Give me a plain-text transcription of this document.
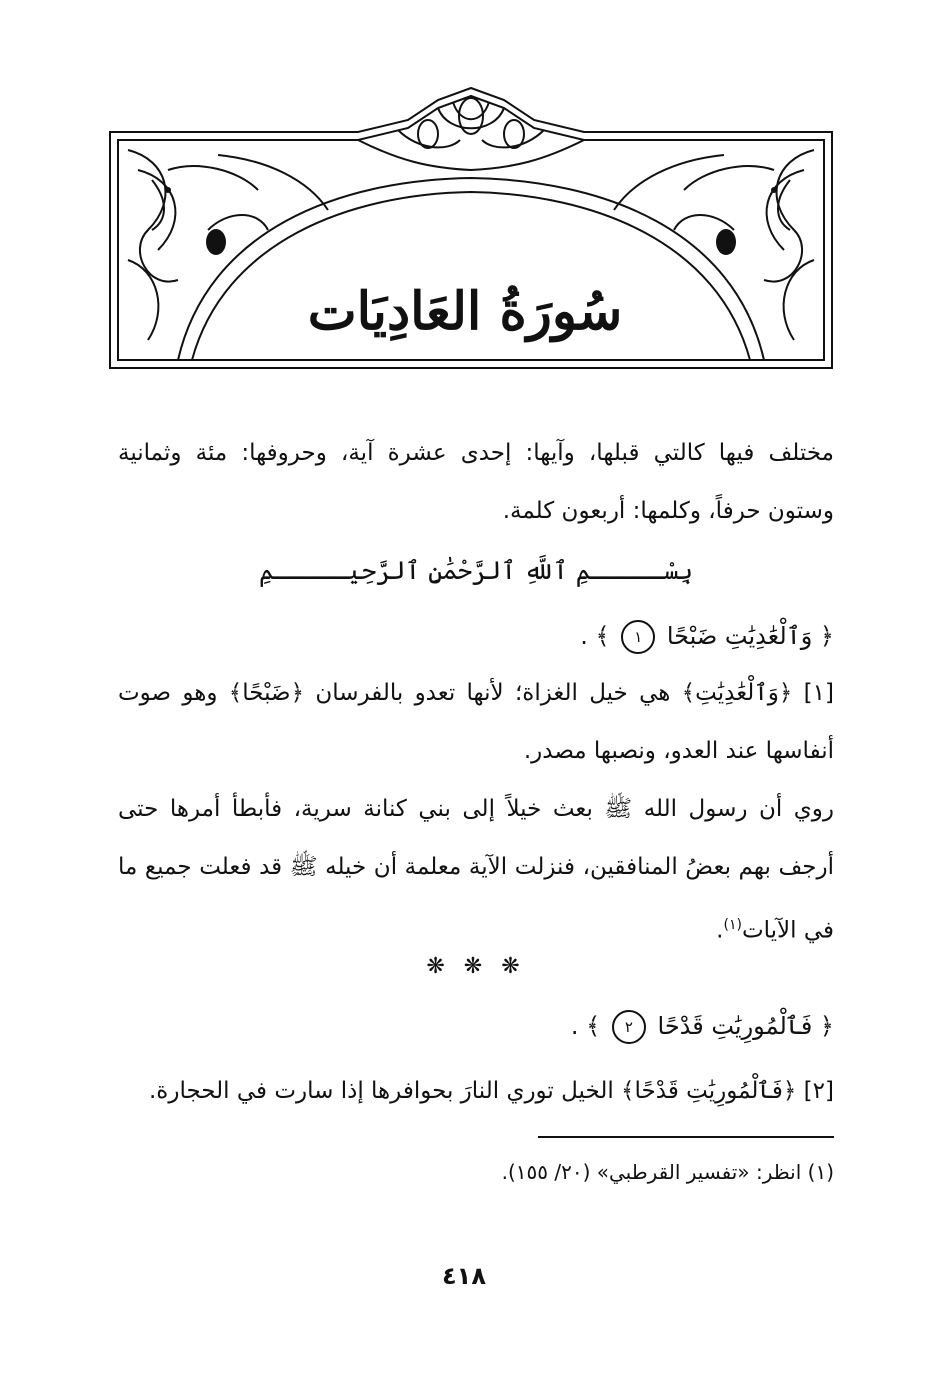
سُورَةُ العَادِيَات
مختلف فيها كالتي قبلها، وآيها: إحدى عشرة آية، وحروفها: مئة وثمانية وستون حرفاً، وكلمها: أربعون كلمة.
بِسْـــــمِ ٱللَّهِ ٱلرَّحْمَٰنِ ٱلرَّحِيـــــمِ
﴿ وَٱلْعَٰدِيَٰتِ ضَبْحًا ١ ﴾ .
[١] ﴿وَٱلْعَٰدِيَٰتِ﴾ هي خيل الغزاة؛ لأنها تعدو بالفرسان ﴿ضَبْحًا﴾ وهو صوت أنفاسها عند العدو، ونصبها مصدر.
روي أن رسول الله ﷺ بعث خيلاً إلى بني كنانة سرية، فأبطأ أمرها حتى أرجف بهم بعضُ المنافقين، فنزلت الآية معلمة أن خيله ﷺ قد فعلت جميع ما في الآيات$^{(١)}$.
❋ ❋ ❋
﴿ فَٱلْمُورِيَٰتِ قَدْحًا ٢ ﴾ .
[٢] ﴿فَٱلْمُورِيَٰتِ قَدْحًا﴾ الخيل توري النارَ بحوافرها إذا سارت في الحجارة.
(١) انظر: «تفسير القرطبي» (٢٠/ ١٥٥).
٤١٨
